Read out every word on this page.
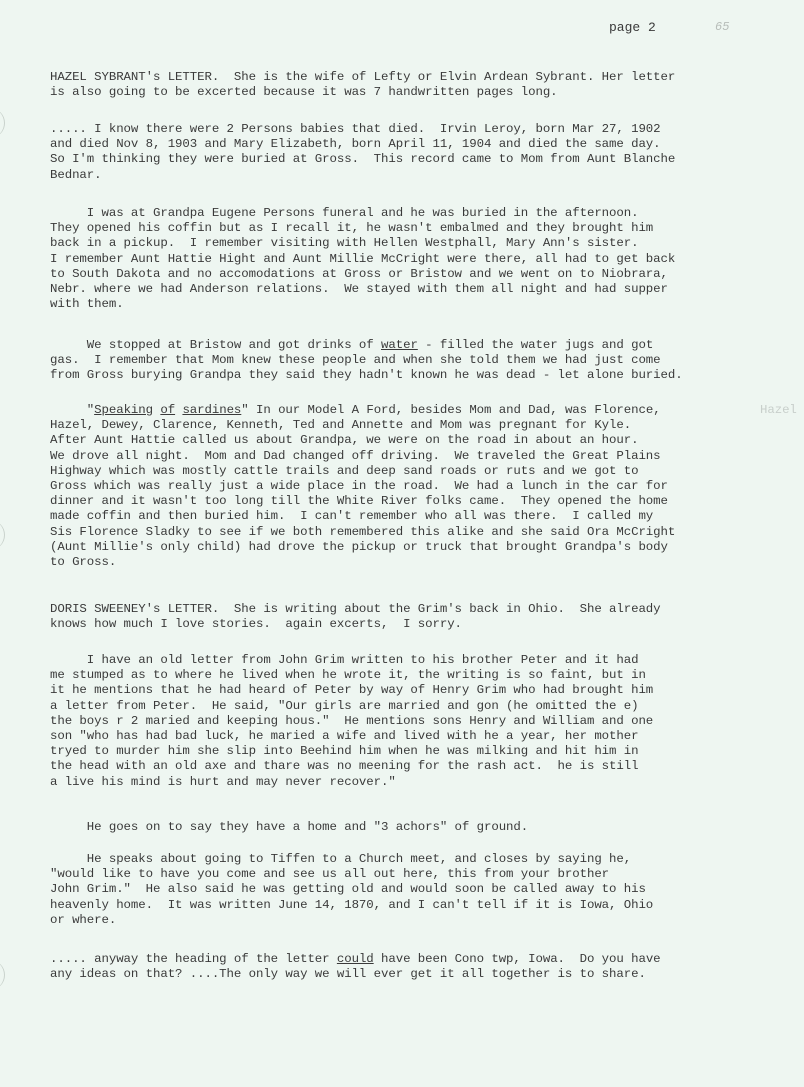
page 2	65
HAZEL SYBRANT's LETTER.  She is the wife of Lefty or Elvin Ardean Sybrant. Her letter
is also going to be excerted because it was 7 handwritten pages long.
..... I know there were 2 Persons babies that died.  Irvin Leroy, born Mar 27, 1902
and died Nov 8, 1903 and Mary Elizabeth, born April 11, 1904 and died the same day.
So I'm thinking they were buried at Gross.  This record came to Mom from Aunt Blanche
Bednar.
I was at Grandpa Eugene Persons funeral and he was buried in the afternoon.
They opened his coffin but as I recall it, he wasn't embalmed and they brought him
back in a pickup.  I remember visiting with Hellen Westphall, Mary Ann's sister.
I remember Aunt Hattie Hight and Aunt Millie McCright were there, all had to get back
to South Dakota and no accomodations at Gross or Bristow and we went on to Niobrara,
Nebr. where we had Anderson relations.  We stayed with them all night and had supper
with them.
We stopped at Bristow and got drinks of water - filled the water jugs and got
gas.  I remember that Mom knew these people and when she told them we had just come
from Gross burying Grandpa they said they hadn't known he was dead - let alone buried.
"Speaking of sardines" In our Model A Ford, besides Mom and Dad, was Florence,
Hazel, Dewey, Clarence, Kenneth, Ted and Annette and Mom was pregnant for Kyle.
After Aunt Hattie called us about Grandpa, we were on the road in about an hour.
We drove all night.  Mom and Dad changed off driving.  We traveled the Great Plains
Highway which was mostly cattle trails and deep sand roads or ruts and we got to
Gross which was really just a wide place in the road.  We had a lunch in the car for
dinner and it wasn't too long till the White River folks came.  They opened the home
made coffin and then buried him.  I can't remember who all was there.  I called my
Sis Florence Sladky to see if we both remembered this alike and she said Ora McCright
(Aunt Millie's only child) had drove the pickup or truck that brought Grandpa's body
to Gross.
DORIS SWEENEY's LETTER.  She is writing about the Grim's back in Ohio.  She already
knows how much I love stories.  again excerts,  I sorry.
I have an old letter from John Grim written to his brother Peter and it had
me stumped as to where he lived when he wrote it, the writing is so faint, but in
it he mentions that he had heard of Peter by way of Henry Grim who had brought him
a letter from Peter.  He said, "Our girls are married and gon (he omitted the e)
the boys r 2 maried and keeping hous."  He mentions sons Henry and William and one
son "who has had bad luck, he maried a wife and lived with he a year, her mother
tryed to murder him she slip into Beehind him when he was milking and hit him in
the head with an old axe and thare was no meening for the rash act.  he is still
a live his mind is hurt and may never recover."
He goes on to say they have a home and "3 achors" of ground.
He speaks about going to Tiffen to a Church meet, and closes by saying he,
"would like to have you come and see us all out here, this from your brother
John Grim."  He also said he was getting old and would soon be called away to his
heavenly home.  It was written June 14, 1870, and I can't tell if it is Iowa, Ohio
or where.
..... anyway the heading of the letter could have been Cono twp, Iowa.  Do you have
any ideas on that? ....The only way we will ever get it all together is to share.
Hazel
